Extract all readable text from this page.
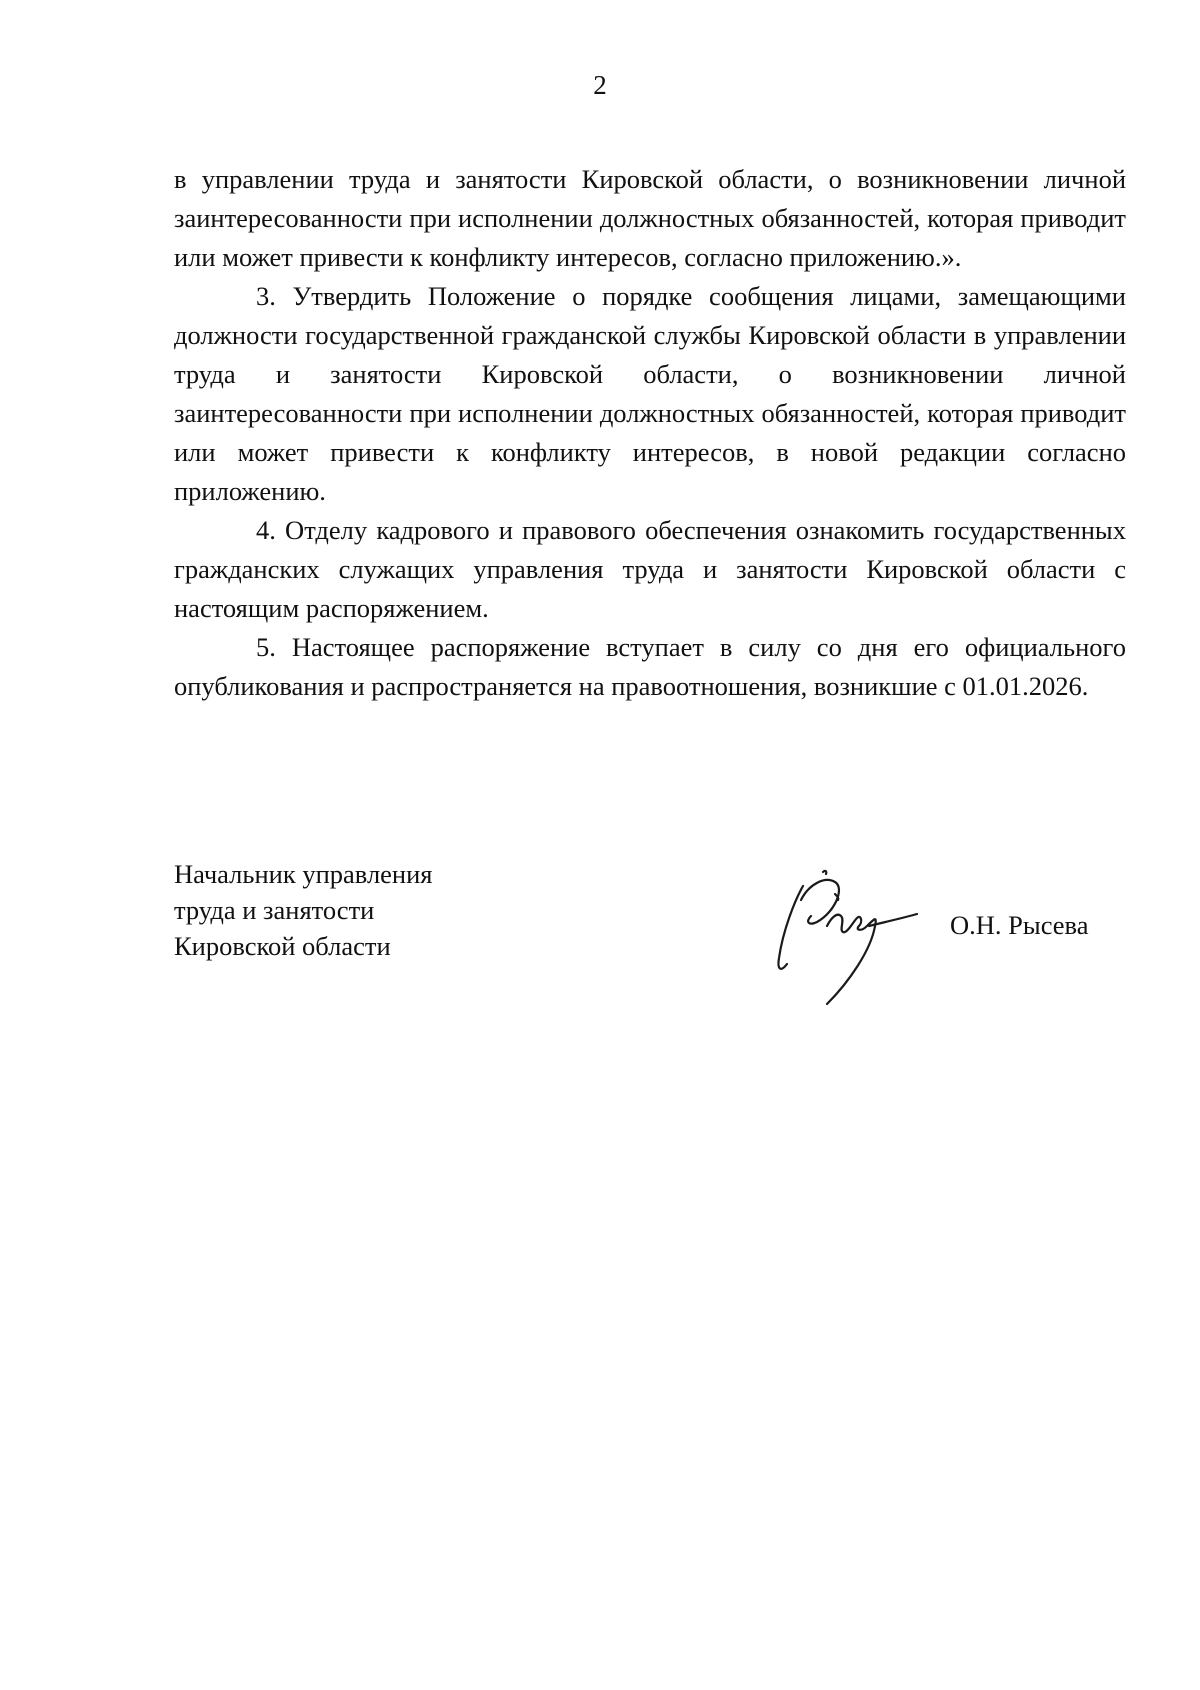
2

в управлении труда и занятости Кировской области, о возникновении личной заинтересованности при исполнении должностных обязанностей, которая приводит или может привести к конфликту интересов, согласно приложению.».

3. Утвердить Положение о порядке сообщения лицами, замещающими должности государственной гражданской службы Кировской области в управлении труда и занятости Кировской области, о возникновении личной заинтересованности при исполнении должностных обязанностей, которая приводит или может привести к конфликту интересов, в новой редакции согласно приложению.

4. Отделу кадрового и правового обеспечения ознакомить государственных гражданских служащих управления труда и занятости Кировской области с настоящим распоряжением.

5. Настоящее распоряжение вступает в силу со дня его официального опубликования и распространяется на правоотношения, возникшие с 01.01.2026.

Начальник управления
труда и занятости
Кировской области
О.Н. Рысева
